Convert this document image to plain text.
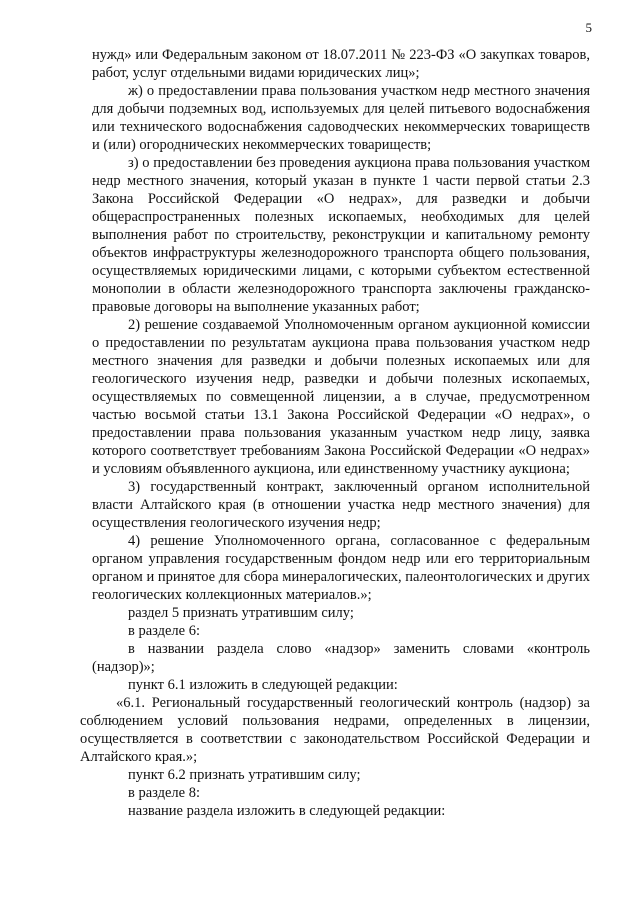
5

нужд» или Федеральным законом от 18.07.2011 № 223-ФЗ «О закупках товаров, работ, услуг отдельными видами юридических лиц»;

ж) о предоставлении права пользования участком недр местного значения для добычи подземных вод, используемых для целей питьевого водоснабжения или технического водоснабжения садоводческих некоммерческих товариществ и (или) огороднических некоммерческих товариществ;

з) о предоставлении без проведения аукциона права пользования участком недр местного значения, который указан в пункте 1 части первой статьи 2.3 Закона Российской Федерации «О недрах», для разведки и добычи общераспространенных полезных ископаемых, необходимых для целей выполнения работ по строительству, реконструкции и капитальному ремонту объектов инфраструктуры железнодорожного транспорта общего пользования, осуществляемых юридическими лицами, с которыми субъектом естественной монополии в области железнодорожного транспорта заключены гражданско-правовые договоры на выполнение указанных работ;

2) решение создаваемой Уполномоченным органом аукционной комиссии о предоставлении по результатам аукциона права пользования участком недр местного значения для разведки и добычи полезных ископаемых или для геологического изучения недр, разведки и добычи полезных ископаемых, осуществляемых по совмещенной лицензии, а в случае, предусмотренном частью восьмой статьи 13.1 Закона Российской Федерации «О недрах», о предоставлении права пользования указанным участком недр лицу, заявка которого соответствует требованиям Закона Российской Федерации «О недрах» и условиям объявленного аукциона, или единственному участнику аукциона;

3) государственный контракт, заключенный органом исполнительной власти Алтайского края (в отношении участка недр местного значения) для осуществления геологического изучения недр;

4) решение Уполномоченного органа, согласованное с федеральным органом управления государственным фондом недр или его территориальным органом и принятое для сбора минералогических, палеонтологических и других геологических коллекционных материалов.»;

раздел 5 признать утратившим силу;

в разделе 6:

в названии раздела слово «надзор» заменить словами «контроль (надзор)»;

пункт 6.1 изложить в следующей редакции:

«6.1. Региональный государственный геологический контроль (надзор) за соблюдением условий пользования недрами, определенных в лицензии, осуществляется в соответствии с законодательством Российской Федерации и Алтайского края.»;

пункт 6.2 признать утратившим силу;

в разделе 8:

название раздела изложить в следующей редакции:
